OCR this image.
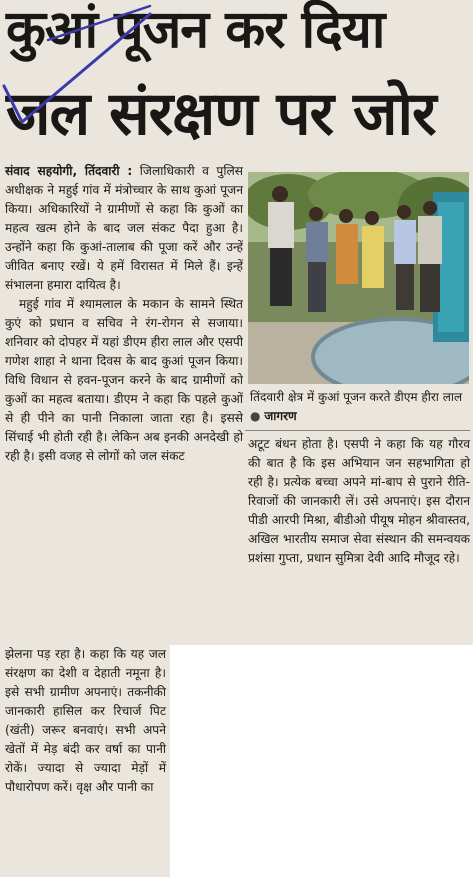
कुआं पूजन कर दिया
जल संरक्षण पर जोर

संवाद सहयोगी, तिंदवारी : जिलाधिकारी व पुलिस अधीक्षक ने महुई गांव में मंत्रोच्चार के साथ कुआं पूजन किया। अधिकारियों ने ग्रामीणों से कहा कि कुओं का महत्व खत्म होने के बाद जल संकट पैदा हुआ है। उन्होंने कहा कि कुआं-तालाब की पूजा करें और उन्हें जीवित बनाए रखें। ये हमें विरासत में मिले हैं। इन्हें संभालना हमारा दायित्व है।

महुई गांव में श्यामलाल के मकान के सामने स्थित कुएं को प्रधान व सचिव ने रंग-रोगन से सजाया। शनिवार को दोपहर में यहां डीएम हीरा लाल और एसपी गणेश शाहा ने थाना दिवस के बाद कुआं पूजन किया। विधि विधान से हवन-पूजन करने के बाद ग्रामीणों को कुओं का महत्व बताया। डीएम ने कहा कि पहले कुओं से ही पीने का पानी निकाला जाता रहा है। इससे सिंचाई भी होती रही है। लेकिन अब इनकी अनदेखी हो रही है। इसी वजह से लोगों को जल संकट

तिंदवारी क्षेत्र में कुआं पूजन करते डीएम हीरा लाल ● जागरण

अटूट बंधन होता है। एसपी ने कहा कि यह गौरव की बात है कि इस अभियान जन सहभागिता हो रही है। प्रत्येक बच्चा अपने मां-बाप से पुराने रीति-रिवाजों की जानकारी लें। उसे अपनाएं। इस दौरान पीडी आरपी मिश्रा, बीडीओ पीयूष मोहन श्रीवास्तव, अखिल भारतीय समाज सेवा संस्थान की समन्वयक प्रशंसा गुप्ता, प्रधान सुमित्रा देवी आदि मौजूद रहे।

झेलना पड़ रहा है। कहा कि यह जल संरक्षण का देशी व देहाती नमूना है। इसे सभी ग्रामीण अपनाएं। तकनीकी जानकारी हासिल कर रिचार्ज पिट (खंती) जरूर बनवाएं। सभी अपने खेतों में मेड़ बंदी कर वर्षा का पानी रोकें। ज्यादा से ज्यादा मेड़ों में पौधारोपण करें। वृक्ष और पानी का
